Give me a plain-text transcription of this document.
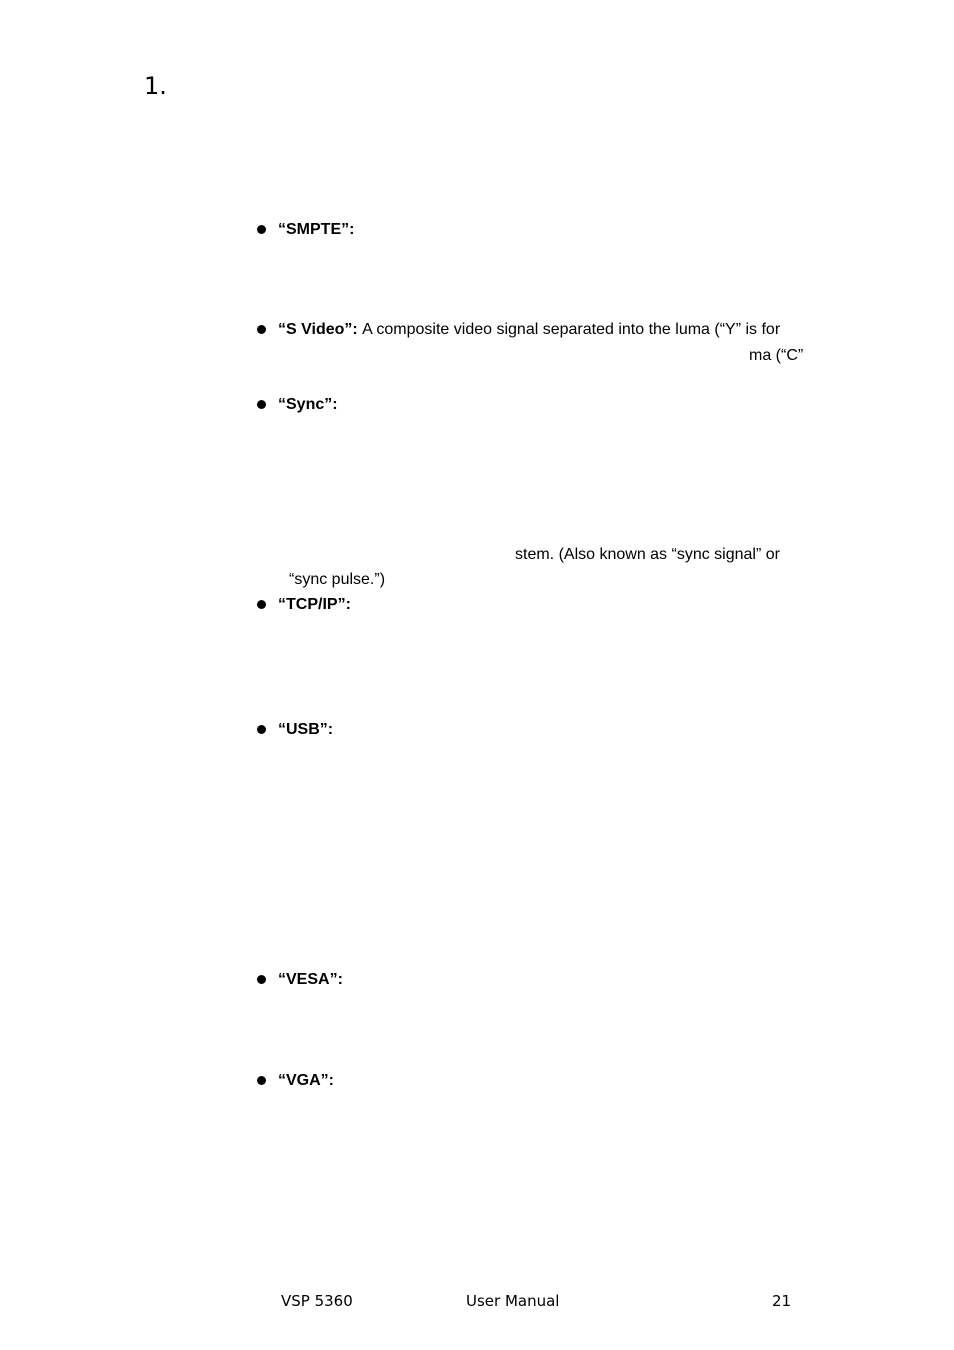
1.
“SMPTE”:
“S Video”: A composite video signal separated into the luma (“Y” is for
ma (“C”
“Sync”:
stem. (Also known as “sync signal” or
“sync pulse.”)
“TCP/IP”:
“USB”:
“VESA”:
“VGA”:
VSP 5360	User Manual	21
